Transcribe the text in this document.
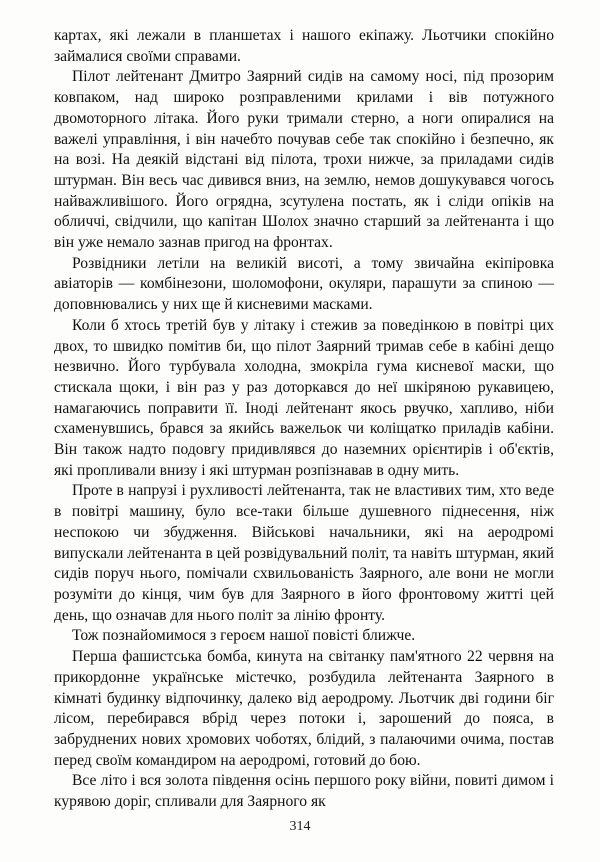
картах, які лежали в планшетах і нашого екіпажу. Льотчики спокійно займалися своїми справами.

Пілот лейтенант Дмитро Заярний сидів на самому носі, під прозорим ковпаком, над широко розправленими крилами і вів потужного двомоторного літака. Його руки тримали стерно, а ноги опиралися на важелі управління, і він начебто почував себе так спокійно і безпечно, як на возі. На деякій відстані від пілота, трохи нижче, за приладами сидів штурман. Він весь час дивився вниз, на землю, немов дошукувався чогось найважливішого. Його огрядна, зсутулена постать, як і сліди опіків на обличчі, свідчили, що капітан Шолох значно старший за лейтенанта і що він уже немало зазнав пригод на фронтах.

Розвідники летіли на великій висоті, а тому звичайна екіпіровка авіаторів — комбінезони, шоломофони, окуляри, парашути за спиною — доповнювались у них ще й кисневими масками.

Коли б хтось третій був у літаку і стежив за поведінкою в повітрі цих двох, то швидко помітив би, що пілот Заярний тримав себе в кабіні дещо незвично. Його турбувала холодна, змокріла гума кисневої маски, що стискала щоки, і він раз у раз доторкався до неї шкіряною рукавицею, намагаючись поправити її. Іноді лейтенант якось рвучко, хапливо, ніби схаменувшись, брався за якийсь важельок чи коліщатко приладів кабіни. Він також надто подовгу придивлявся до наземних орієнтирів і об'єктів, які пропливали внизу і які штурман розпізнавав в одну мить.

Проте в напрузі і рухливості лейтенанта, так не властивих тим, хто веде в повітрі машину, було все-таки більше душевного піднесення, ніж неспокою чи збудження. Військові начальники, які на аеродромі випускали лейтенанта в цей розвідувальний політ, та навіть штурман, який сидів поруч нього, помічали схвильованість Заярного, але вони не могли розуміти до кінця, чим був для Заярного в його фронтовому житті цей день, що означав для нього політ за лінію фронту.

Тож познайомимося з героєм нашої повісті ближче.

Перша фашистська бомба, кинута на світанку пам'ятного 22 червня на прикордонне українське містечко, розбудила лейтенанта Заярного в кімнаті будинку відпочинку, далеко від аеродрому. Льотчик дві години біг лісом, перебирався вбрід через потоки і, зарошений до пояса, в забруднених нових хромових чоботях, блідий, з палаючими очима, постав перед своїм командиром на аеродромі, готовий до бою.

Все літо і вся золота південня осінь першого року війни, повиті димом і курявою доріг, спливали для Заярного як

314
